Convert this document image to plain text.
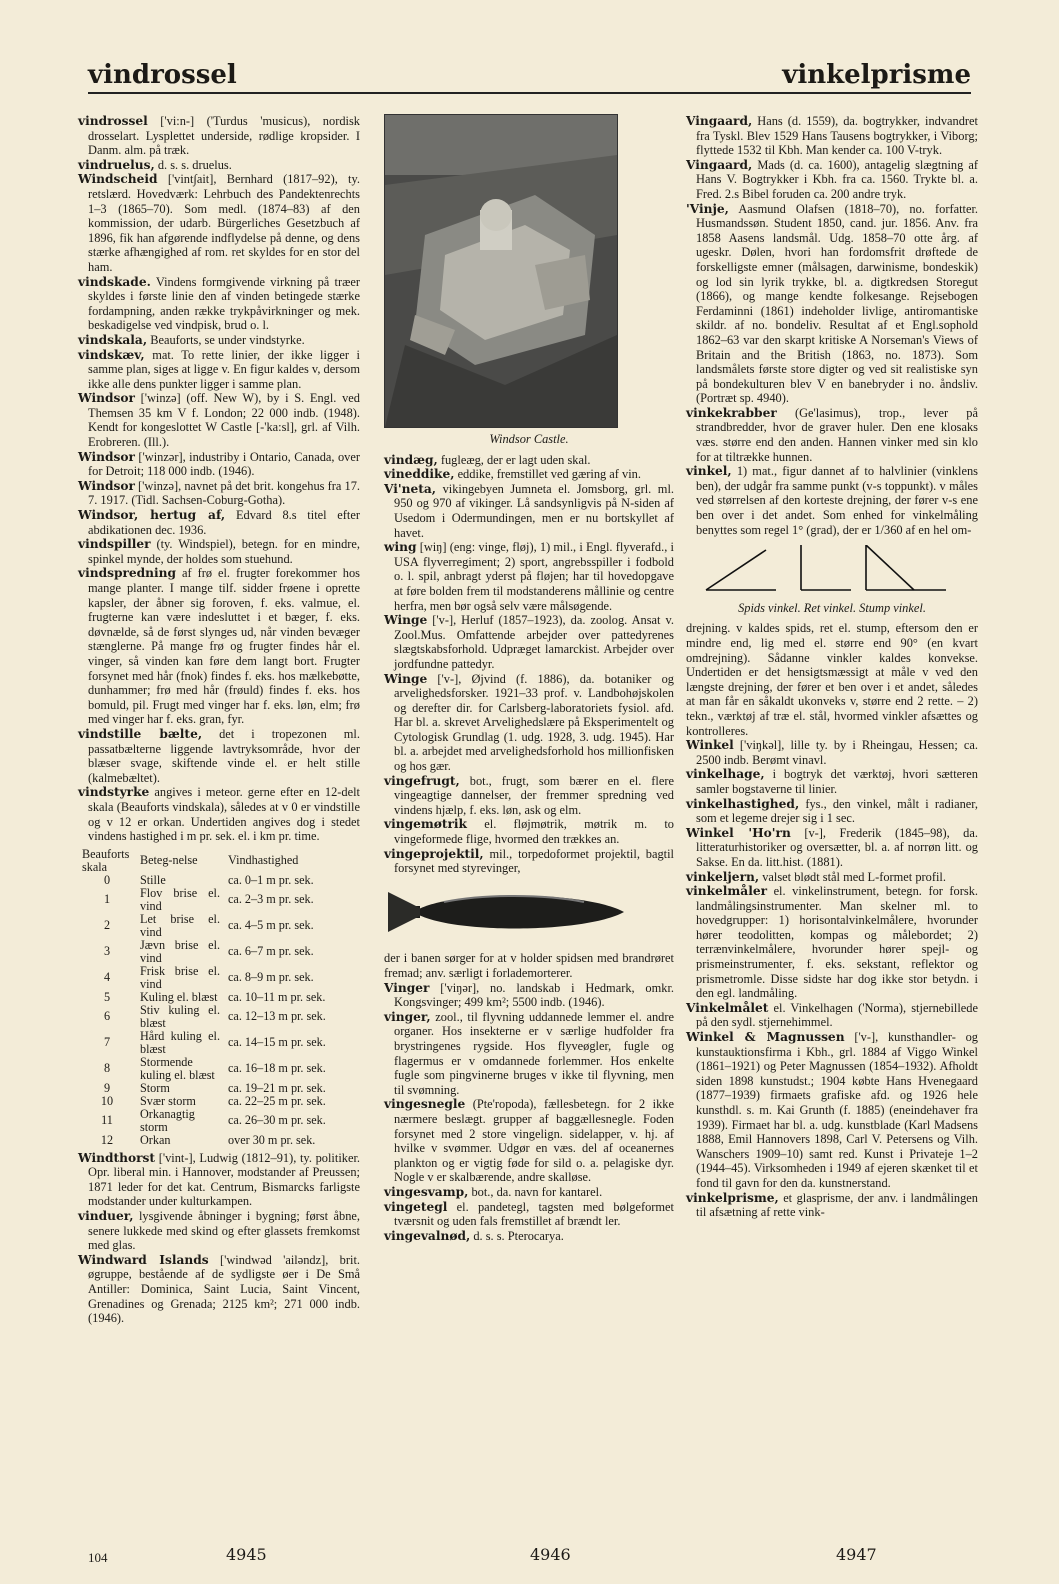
vindrossel	vinkelprisme
vindrossel ['vi:n-] ('Turdus 'musicus), nordisk drosselart. Lysplettet underside, rødlige kropsider. I Danm. alm. på træk.
vindruelus, d. s. s. druelus.
Windscheid ['vint∫ait], Bernhard (1817–92), ty. retslærd. Hovedværk: Lehrbuch des Pandektenrechts 1–3 (1865–70). Som medl. (1874–83) af den kommission, der udarb. Bürgerliches Gesetzbuch af 1896, fik han afgørende indflydelse på denne, og dens stærke afhængighed af rom. ret skyldes for en stor del ham.
vindskade. Vindens formgivende virkning på træer skyldes i første linie den af vinden betingede stærke fordampning, anden række trykpåvirkninger og mek. beskadigelse ved vindpisk, brud o. l.
vindskala, Beauforts, se under vindstyrke.
vindskæv, mat. To rette linier, der ikke ligger i samme plan, siges at ligge v. En figur kaldes v, dersom ikke alle dens punkter ligger i samme plan.
Windsor ['winzə] (off. New W), by i S. Engl. ved Themsen 35 km V f. London; 22 000 indb. (1948). Kendt for kongeslottet W Castle [-'ka:sl], grl. af Vilh. Erobreren. (Ill.).
Windsor ['winzər], industriby i Ontario, Canada, over for Detroit; 118 000 indb. (1946).
Windsor ['winzə], navnet på det brit. kongehus fra 17. 7. 1917. (Tidl. Sachsen-Coburg-Gotha).
Windsor, hertug af, Edvard 8.s titel efter abdikationen dec. 1936.
vindspiller (ty. Windspiel), betegn. for en mindre, spinkel mynde, der holdes som stuehund.
vindspredning af frø el. frugter forekommer hos mange planter. I mange tilf. sidder frøene i oprette kapsler, der åbner sig foroven, f. eks. valmue, el. frugterne kan være indesluttet i et bæger, f. eks. døvnælde, så de først slynges ud, når vinden bevæger stænglerne. På mange frø og frugter findes hår el. vinger, så vinden kan føre dem langt bort. Frugter forsynet med hår (fnok) findes f. eks. hos mælkebøtte, dunhammer; frø med hår (frøuld) findes f. eks. hos bomuld, pil. Frugt med vinger har f. eks. løn, elm; frø med vinger har f. eks. gran, fyr.
vindstille bælte, det i tropezonen ml. passatbælterne liggende lavtryksområde, hvor der blæser svage, skiftende vinde el. er helt stille (kalmebæltet).
vindstyrke angives i meteor. gerne efter en 12-delt skala (Beauforts vindskala), således at v 0 er vindstille og v 12 er orkan. Undertiden angives dog i stedet vindens hastighed i m pr. sek. el. i km pr. time.
Beauforts skala	Beteg-nelse	Vindhastighed
0	Stille	ca. 0–1 m pr. sek.
1	Flov brise el. vind	ca. 2–3 m pr. sek.
2	Let brise el. vind	ca. 4–5 m pr. sek.
3	Jævn brise el. vind	ca. 6–7 m pr. sek.
4	Frisk brise el. vind	ca. 8–9 m pr. sek.
5	Kuling el. blæst	ca. 10–11 m pr. sek.
6	Stiv kuling el. blæst	ca. 12–13 m pr. sek.
7	Hård kuling el. blæst	ca. 14–15 m pr. sek.
8	Stormende kuling el. blæst	ca. 16–18 m pr. sek.
9	Storm	ca. 19–21 m pr. sek.
10	Svær storm	ca. 22–25 m pr. sek.
11	Orkanagtig storm	ca. 26–30 m pr. sek.
12	Orkan	over 30 m pr. sek.
Windthorst ['vint-], Ludwig (1812–91), ty. politiker. Opr. liberal min. i Hannover, modstander af Preussen; 1871 leder for det kat. Centrum, Bismarcks farligste modstander under kulturkampen.
vinduer, lysgivende åbninger i bygning; først åbne, senere lukkede med skind og efter glassets fremkomst med glas.
Windward Islands ['windwəd 'ailəndz], brit. øgruppe, bestående af de sydligste øer i De Små Antiller: Dominica, Saint Lucia, Saint Vincent, Grenadines og Grenada; 2125 km²; 271 000 indb. (1946).
Windsor Castle.
vindæg, fugleæg, der er lagt uden skal.
vineddike, eddike, fremstillet ved gæring af vin.
Vi'neta, vikingebyen Jumneta el. Jomsborg, grl. ml. 950 og 970 af vikinger. Lå sandsynligvis på N-siden af Usedom i Odermundingen, men er nu bortskyllet af havet.
wing [wiŋ] (eng: vinge, fløj), 1) mil., i Engl. flyverafd., i USA flyverregiment; 2) sport, angrebsspiller i fodbold o. l. spil, anbragt yderst på fløjen; har til hovedopgave at føre bolden frem til modstanderens mållinie og centre herfra, men bør også selv være målsøgende.
Winge ['v-], Herluf (1857–1923), da. zoolog. Ansat v. Zool.Mus. Omfattende arbejder over pattedyrenes slægtskabsforhold. Udpræget lamarckist. Arbejder over jordfundne pattedyr.
Winge ['v-], Øjvind (f. 1886), da. botaniker og arvelighedsforsker. 1921–33 prof. v. Landbohøjskolen og derefter dir. for Carlsberg-laboratoriets fysiol. afd. Har bl. a. skrevet Arvelighedslære på Eksperimentelt og Cytologisk Grundlag (1. udg. 1928, 3. udg. 1945). Har bl. a. arbejdet med arvelighedsforhold hos millionfisken og hos gær.
vingefrugt, bot., frugt, som bærer en el. flere vingeagtige dannelser, der fremmer spredning ved vindens hjælp, f. eks. løn, ask og elm.
vingemøtrik el. fløjmøtrik, møtrik m. to vingeformede flige, hvormed den trækkes an.
vingeprojektil, mil., torpedoformet projektil, bagtil forsynet med styrevinger,
der i banen sørger for at v holder spidsen med brandrøret fremad; anv. særligt i forlademorterer.
Vinger ['viŋər], no. landskab i Hedmark, omkr. Kongsvinger; 499 km²; 5500 indb. (1946).
vinger, zool., til flyvning uddannede lemmer el. andre organer. Hos insekterne er v særlige hudfolder fra brystringenes rygside. Hos flyveøgler, fugle og flagermus er v omdannede forlemmer. Hos enkelte fugle som pingvinerne bruges v ikke til flyvning, men til svømning.
vingesnegle (Pte'ropoda), fællesbetegn. for 2 ikke nærmere beslægt. grupper af baggællesnegle. Foden forsynet med 2 store vingelign. sidelapper, v. hj. af hvilke v svømmer. Udgør en væs. del af oceanernes plankton og er vigtig føde for sild o. a. pelagiske dyr. Nogle v er skalbærende, andre skalløse.
vingesvamp, bot., da. navn for kantarel.
vingetegl el. pandetegl, tagsten med bølgeformet tværsnit og uden fals fremstillet af brændt ler.
vingevalnød, d. s. s. Pterocarya.
Vingaard, Hans (d. 1559), da. bogtrykker, indvandret fra Tyskl. Blev 1529 Hans Tausens bogtrykker, i Viborg; flyttede 1532 til Kbh. Man kender ca. 100 V-tryk.
Vingaard, Mads (d. ca. 1600), antagelig slægtning af Hans V. Bogtrykker i Kbh. fra ca. 1560. Trykte bl. a. Fred. 2.s Bibel foruden ca. 200 andre tryk.
'Vinje, Aasmund Olafsen (1818–70), no. forfatter. Husmandssøn. Student 1850, cand. jur. 1856. Anv. fra 1858 Aasens landsmål. Udg. 1858–70 otte årg. af ugeskr. Dølen, hvori han fordomsfrit drøftede de forskelligste emner (målsagen, darwinisme, bondeskik) og lod sin lyrik trykke, bl. a. digtkredsen Storegut (1866), og mange kendte folkesange. Rejsebogen Ferdaminni (1861) indeholder livlige, antiromantiske skildr. af no. bondeliv. Resultat af et Engl.sophold 1862–63 var den skarpt kritiske A Norseman's Views of Britain and the British (1863, no. 1873). Som landsmålets første store digter og ved sit realistiske syn på bondekulturen blev V en banebryder i no. åndsliv. (Portræt sp. 4940).
vinkekrabber (Ge'lasimus), trop., lever på strandbredder, hvor de graver huler. Den ene klosaks væs. større end den anden. Hannen vinker med sin klo for at tiltrække hunnen.
vinkel, 1) mat., figur dannet af to halvlinier (vinklens ben), der udgår fra samme punkt (v-s toppunkt). v måles ved størrelsen af den korteste drejning, der fører v-s ene ben over i det andet. Som enhed for vinkelmåling benyttes som regel 1° (grad), der er 1/360 af en hel om-
Spids vinkel. Ret vinkel. Stump vinkel.
drejning. v kaldes spids, ret el. stump, eftersom den er mindre end, lig med el. større end 90° (en kvart omdrejning). Sådanne vinkler kaldes konvekse. Undertiden er det hensigtsmæssigt at måle v ved den længste drejning, der fører et ben over i et andet, således at man får en såkaldt ukonveks v, større end 2 rette. – 2) tekn., værktøj af træ el. stål, hvormed vinkler afsættes og kontrolleres.
Winkel ['viŋkəl], lille ty. by i Rheingau, Hessen; ca. 2500 indb. Berømt vinavl.
vinkelhage, i bogtryk det værktøj, hvori sætteren samler bogstaverne til linier.
vinkelhastighed, fys., den vinkel, målt i radianer, som et legeme drejer sig i 1 sec.
Winkel 'Ho'rn [v-], Frederik (1845–98), da. litteraturhistoriker og oversætter, bl. a. af norrøn litt. og Sakse. En da. litt.hist. (1881).
vinkeljern, valset blødt stål med L-formet profil.
vinkelmåler el. vinkelinstrument, betegn. for forsk. landmålingsinstrumenter. Man skelner ml. to hovedgrupper: 1) horisontalvinkelmålere, hvorunder hører teodolitten, kompas og målebordet; 2) terrænvinkelmålere, hvorunder hører spejl- og prismeinstrumenter, f. eks. sekstant, reflektor og prismetromle. Disse sidste har dog ikke stor betydn. i den egl. landmåling.
Vinkelmålet el. Vinkelhagen ('Norma), stjernebillede på den sydl. stjernehimmel.
Winkel & Magnussen ['v-], kunsthandler- og kunstauktionsfirma i Kbh., grl. 1884 af Viggo Winkel (1861–1921) og Peter Magnussen (1854–1932). Afholdt siden 1898 kunstudst.; 1904 købte Hans Hvenegaard (1877–1939) firmaets grafiske afd. og 1926 hele kunsthdl. s. m. Kai Grunth (f. 1885) (eneindehaver fra 1939). Firmaet har bl. a. udg. kunstblade (Karl Madsens 1888, Emil Hannovers 1898, Carl V. Petersens og Vilh. Wanschers 1909–10) samt red. Kunst i Privateje 1–2 (1944–45). Virksomheden i 1949 af ejeren skænket til et fond til gavn for den da. kunstnerstand.
vinkelprisme, et glasprisme, der anv. i landmålingen til afsætning af rette vink-
104	4945	4946	4947
